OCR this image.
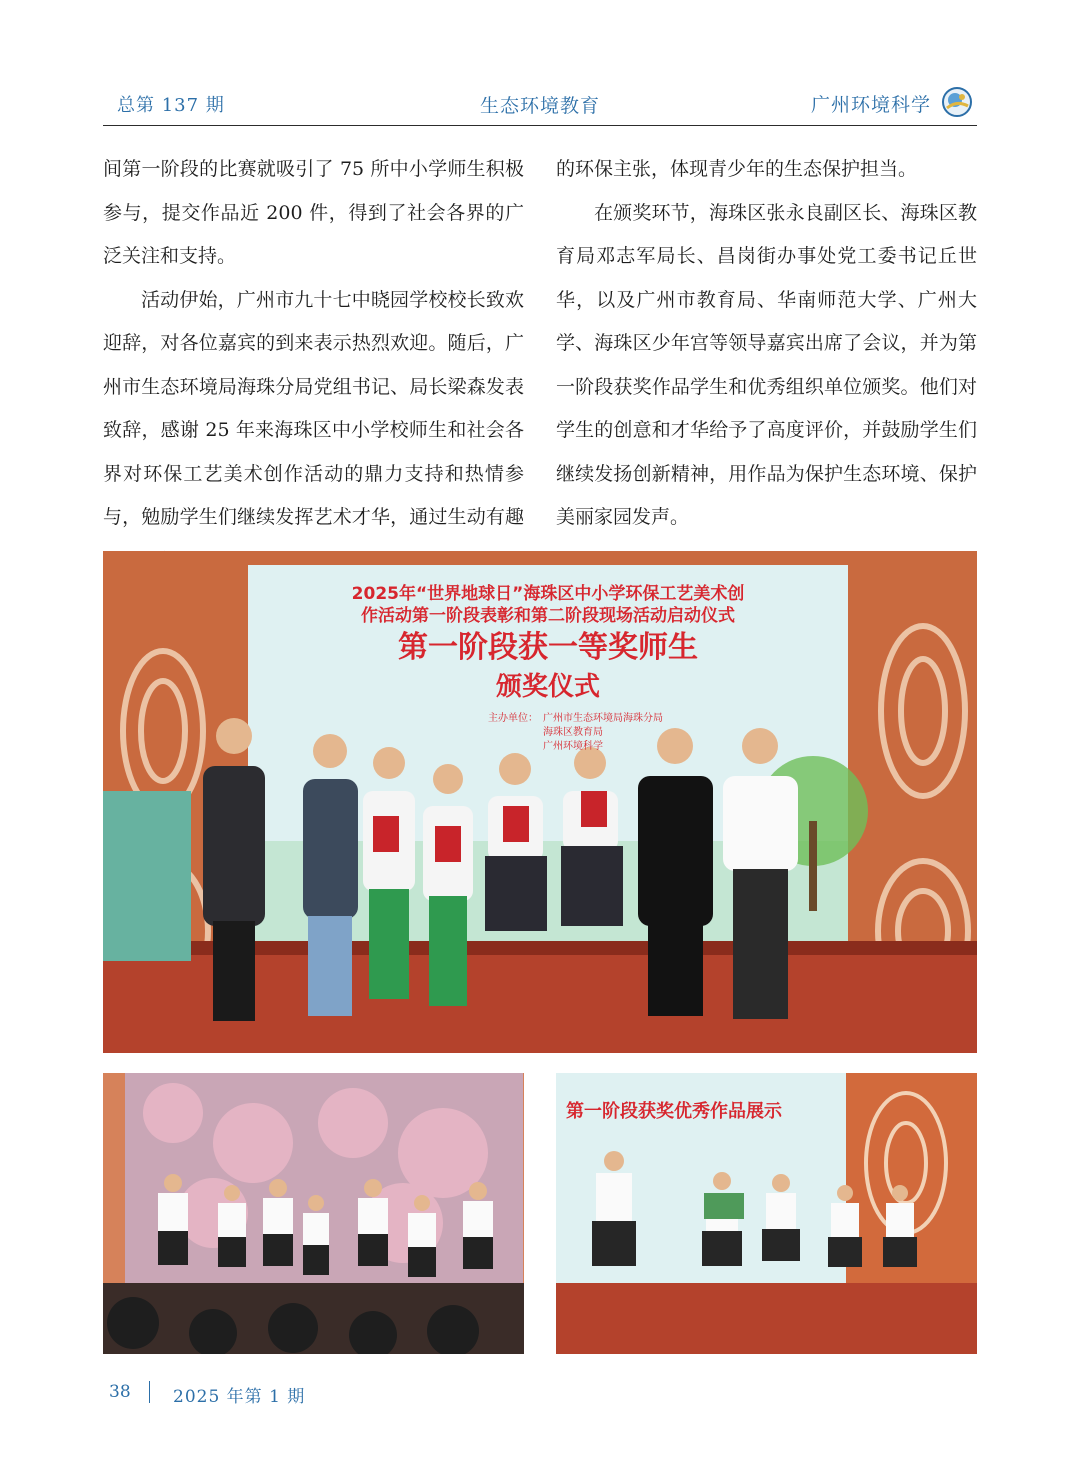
总第 137 期	生态环境教育	广州环境科学

间第一阶段的比赛就吸引了 75 所中小学师生积极参与，提交作品近 200 件，得到了社会各界的广泛关注和支持。

活动伊始，广州市九十七中晓园学校校长致欢迎辞，对各位嘉宾的到来表示热烈欢迎。随后，广州市生态环境局海珠分局党组书记、局长梁森发表致辞，感谢 25 年来海珠区中小学校师生和社会各界对环保工艺美术创作活动的鼎力支持和热情参与，勉励学生们继续发挥艺术才华，通过生动有趣

的环保主张，体现青少年的生态保护担当。

在颁奖环节，海珠区张永良副区长、海珠区教育局邓志军局长、昌岗街办事处党工委书记丘世华，以及广州市教育局、华南师范大学、广州大学、海珠区少年宫等领导嘉宾出席了会议，并为第一阶段获奖作品学生和优秀组织单位颁奖。他们对学生的创意和才华给予了高度评价，并鼓励学生们继续发扬创新精神，用作品为保护生态环境、保护美丽家园发声。

2025年“世界地球日”海珠区中小学环保工艺美术创
作活动第一阶段表彰和第二阶段现场活动启动仪式
第一阶段获一等奖师生
颁奖仪式
主办单位： 广州市生态环境局海珠分局
海珠区教育局
广州环境科学
第一阶段获奖优秀作品展示
38 2025 年第 1 期
